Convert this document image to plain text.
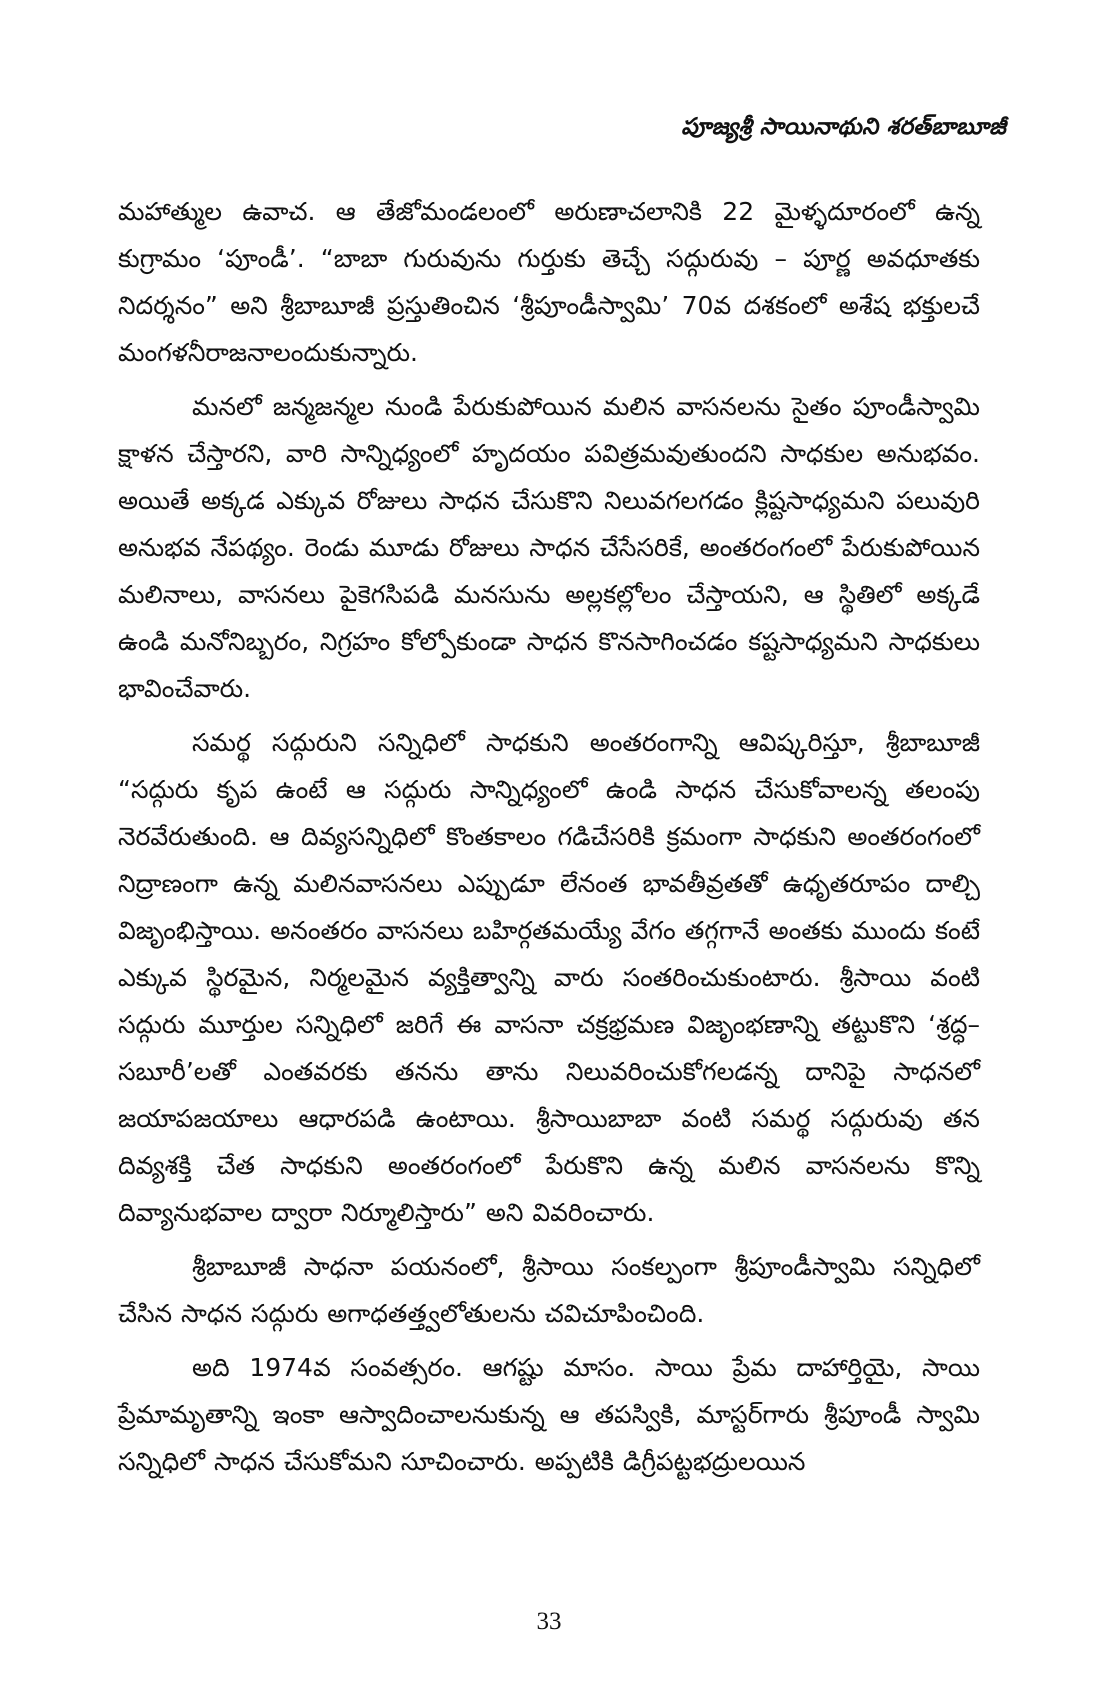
పూజ్యశ్రీ సాయినాథుని శరత్‌బాబూజీ

మహాత్ముల ఉవాచ. ఆ తేజోమండలంలో అరుణాచలానికి 22 మైళ్ళదూరంలో ఉన్న కుగ్రామం ‘పూండీ’. “బాబా గురువును గుర్తుకు తెచ్చే సద్గురువు – పూర్ణ అవధూతకు నిదర్శనం” అని శ్రీబాబూజీ ప్రస్తుతించిన ‘శ్రీపూండీస్వామి’ 70వ దశకంలో అశేష భక్తులచే మంగళనీరాజనాలందుకున్నారు.

మనలో జన్మజన్మల నుండి పేరుకుపోయిన మలిన వాసనలను సైతం పూండీస్వామి క్షాళన చేస్తారని, వారి సాన్నిధ్యంలో హృదయం పవిత్రమవుతుందని సాధకుల అనుభవం. అయితే అక్కడ ఎక్కువ రోజులు సాధన చేసుకొని నిలువగలగడం క్లిష్టసాధ్యమని పలువురి అనుభవ నేపథ్యం. రెండు మూడు రోజులు సాధన చేసేసరికే, అంతరంగంలో పేరుకుపోయిన మలినాలు, వాసనలు పైకెగసిపడి మనసును అల్లకల్లోలం చేస్తాయని, ఆ స్థితిలో అక్కడే ఉండి మనోనిబ్బరం, నిగ్రహం కోల్పోకుండా సాధన కొనసాగించడం కష్టసాధ్యమని సాధకులు భావించేవారు.

సమర్థ సద్గురుని సన్నిధిలో సాధకుని అంతరంగాన్ని ఆవిష్కరిస్తూ, శ్రీబాబూజీ “సద్గురు కృప ఉంటే ఆ సద్గురు సాన్నిధ్యంలో ఉండి సాధన చేసుకోవాలన్న తలంపు నెరవేరుతుంది. ఆ దివ్యసన్నిధిలో కొంతకాలం గడిచేసరికి క్రమంగా సాధకుని అంతరంగంలో నిద్రాణంగా ఉన్న మలినవాసనలు ఎప్పుడూ లేనంత భావతీవ్రతతో ఉధృతరూపం దాల్చి విజృంభిస్తాయి. అనంతరం వాసనలు బహిర్గతమయ్యే వేగం తగ్గగానే అంతకు ముందు కంటే ఎక్కువ స్థిరమైన, నిర్మలమైన వ్యక్తిత్వాన్ని వారు సంతరించుకుంటారు. శ్రీసాయి వంటి సద్గురు మూర్తుల సన్నిధిలో జరిగే ఈ వాసనా చక్రభ్రమణ విజృంభణాన్ని తట్టుకొని ‘శ్రద్ధ–సబూరీ’లతో ఎంతవరకు తనను తాను నిలువరించుకోగలడన్న దానిపై సాధనలో జయాపజయాలు ఆధారపడి ఉంటాయి. శ్రీసాయిబాబా వంటి సమర్థ సద్గురువు తన దివ్యశక్తి చేత సాధకుని అంతరంగంలో పేరుకొని ఉన్న మలిన వాసనలను కొన్ని దివ్యానుభవాల ద్వారా నిర్మూలిస్తారు” అని వివరించారు.

శ్రీబాబూజీ సాధనా పయనంలో, శ్రీసాయి సంకల్పంగా శ్రీపూండీస్వామి సన్నిధిలో చేసిన సాధన సద్గురు అగాధతత్త్వలోతులను చవిచూపించింది.

అది 1974వ సంవత్సరం. ఆగష్టు మాసం. సాయి ప్రేమ దాహార్తియై, సాయి ప్రేమామృతాన్ని ఇంకా ఆస్వాదించాలనుకున్న ఆ తపస్వికి, మాస్టర్‌గారు శ్రీపూండీ స్వామి సన్నిధిలో సాధన చేసుకోమని సూచించారు. అప్పటికి డిగ్రీపట్టభద్రులయిన

33
